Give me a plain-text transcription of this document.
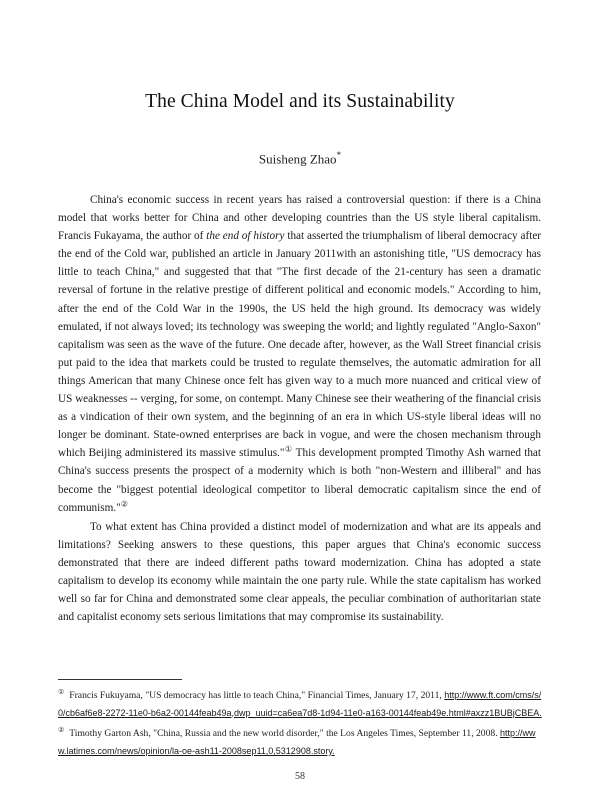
The China Model and its Sustainability
Suisheng Zhao*

China's economic success in recent years has raised a controversial question: if there is a China model that works better for China and other developing countries than the US style liberal capitalism. Francis Fukayama, the author of the end of history that asserted the triumphalism of liberal democracy after the end of the Cold war, published an article in January 2011with an astonishing title, "US democracy has little to teach China," and suggested that that "The first decade of the 21-century has seen a dramatic reversal of fortune in the relative prestige of different political and economic models." According to him, after the end of the Cold War in the 1990s, the US held the high ground. Its democracy was widely emulated, if not always loved; its technology was sweeping the world; and lightly regulated "Anglo-Saxon" capitalism was seen as the wave of the future. One decade after, however, as the Wall Street financial crisis put paid to the idea that markets could be trusted to regulate themselves, the automatic admiration for all things American that many Chinese once felt has given way to a much more nuanced and critical view of US weaknesses -- verging, for some, on contempt. Many Chinese see their weathering of the financial crisis as a vindication of their own system, and the beginning of an era in which US-style liberal ideas will no longer be dominant. State-owned enterprises are back in vogue, and were the chosen mechanism through which Beijing administered its massive stimulus."① This development prompted Timothy Ash warned that China's success presents the prospect of a modernity which is both "non-Western and illiberal" and has become the "biggest potential ideological competitor to liberal democratic capitalism since the end of communism."②

To what extent has China provided a distinct model of modernization and what are its appeals and limitations? Seeking answers to these questions, this paper argues that China's economic success demonstrated that there are indeed different paths toward modernization. China has adopted a state capitalism to develop its economy while maintain the one party rule. While the state capitalism has worked well so far for China and demonstrated some clear appeals, the peculiar combination of authoritarian state and capitalist economy sets serious limitations that may compromise its sustainability.

① Francis Fukuyama, "US democracy has little to teach China," Financial Times, January 17, 2011, http://www.ft.com/cms/s/0/cb6af6e8-2272-11e0-b6a2-00144feab49a,dwp_uuid=ca6ea7d8-1d94-11e0-a163-00144feab49e.html#axzz1BUBjCBEA.
② Timothy Garton Ash, "China, Russia and the new world disorder," the Los Angeles Times, September 11, 2008. http://www.latimes.com/news/opinion/la-oe-ash11-2008sep11,0,5312908.story.
58
